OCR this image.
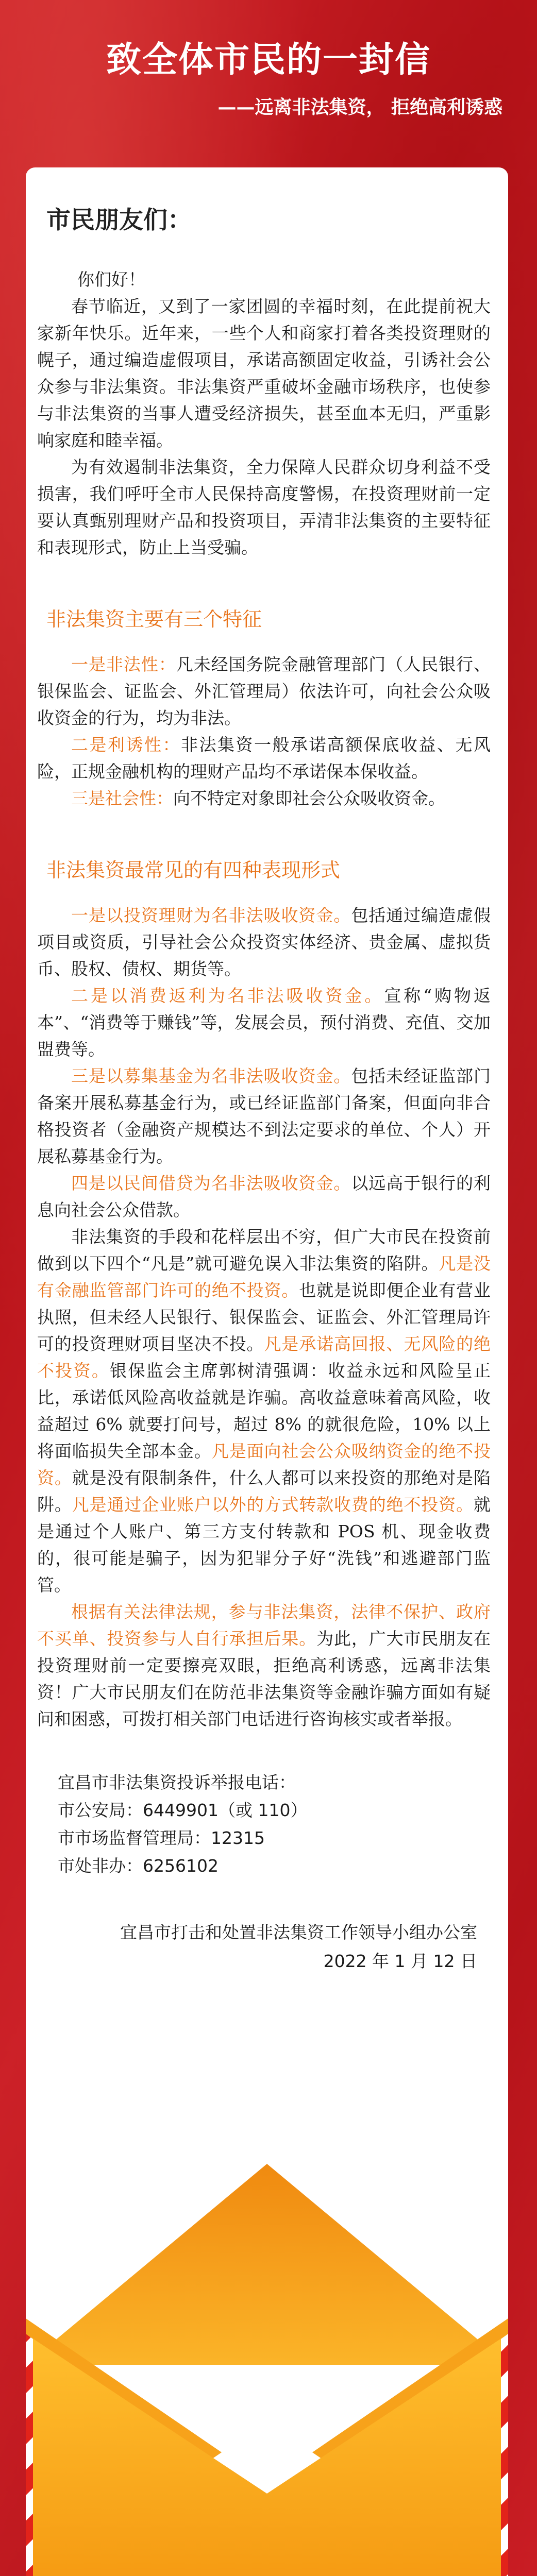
致全体市民的一封信
——远离非法集资， 拒绝高利诱惑
市民朋友们：

你们好！

春节临近，又到了一家团圆的幸福时刻，在此提前祝大家新年快乐。近年来，一些个人和商家打着各类投资理财的幌子，通过编造虚假项目，承诺高额固定收益，引诱社会公众参与非法集资。非法集资严重破坏金融市场秩序，也使参与非法集资的当事人遭受经济损失，甚至血本无归，严重影响家庭和睦幸福。

为有效遏制非法集资，全力保障人民群众切身利益不受损害，我们呼吁全市人民保持高度警惕，在投资理财前一定要认真甄别理财产品和投资项目，弄清非法集资的主要特征和表现形式，防止上当受骗。

非法集资主要有三个特征

一是非法性：凡未经国务院金融管理部门（人民银行、银保监会、证监会、外汇管理局）依法许可，向社会公众吸收资金的行为，均为非法。

二是利诱性：非法集资一般承诺高额保底收益、无风险，正规金融机构的理财产品均不承诺保本保收益。

三是社会性：向不特定对象即社会公众吸收资金。

非法集资最常见的有四种表现形式

一是以投资理财为名非法吸收资金。包括通过编造虚假项目或资质，引导社会公众投资实体经济、贵金属、虚拟货币、股权、债权、期货等。

二是以消费返利为名非法吸收资金。宣称“购物返本”、“消费等于赚钱”等，发展会员，预付消费、充值、交加盟费等。

三是以募集基金为名非法吸收资金。包括未经证监部门备案开展私募基金行为，或已经证监部门备案，但面向非合格投资者（金融资产规模达不到法定要求的单位、个人）开展私募基金行为。

四是以民间借贷为名非法吸收资金。以远高于银行的利息向社会公众借款。

非法集资的手段和花样层出不穷，但广大市民在投资前做到以下四个“凡是”就可避免误入非法集资的陷阱。凡是没有金融监管部门许可的绝不投资。也就是说即便企业有营业执照，但未经人民银行、银保监会、证监会、外汇管理局许可的投资理财项目坚决不投。凡是承诺高回报、无风险的绝不投资。银保监会主席郭树清强调：收益永远和风险呈正比，承诺低风险高收益就是诈骗。高收益意味着高风险，收益超过 6% 就要打问号，超过 8% 的就很危险，10% 以上将面临损失全部本金。凡是面向社会公众吸纳资金的绝不投资。就是没有限制条件，什么人都可以来投资的那绝对是陷阱。凡是通过企业账户以外的方式转款收费的绝不投资。就是通过个人账户、第三方支付转款和 POS 机、现金收费的，很可能是骗子，因为犯罪分子好“洗钱”和逃避部门监管。

根据有关法律法规，参与非法集资，法律不保护、政府不买单、投资参与人自行承担后果。为此，广大市民朋友在投资理财前一定要擦亮双眼，拒绝高利诱惑，远离非法集资！广大市民朋友们在防范非法集资等金融诈骗方面如有疑问和困惑，可拨打相关部门电话进行咨询核实或者举报。

宜昌市非法集资投诉举报电话：
市公安局：6449901（或 110）
市市场监督管理局：12315
市处非办：6256102
宜昌市打击和处置非法集资工作领导小组办公室
2022 年 1 月 12 日
